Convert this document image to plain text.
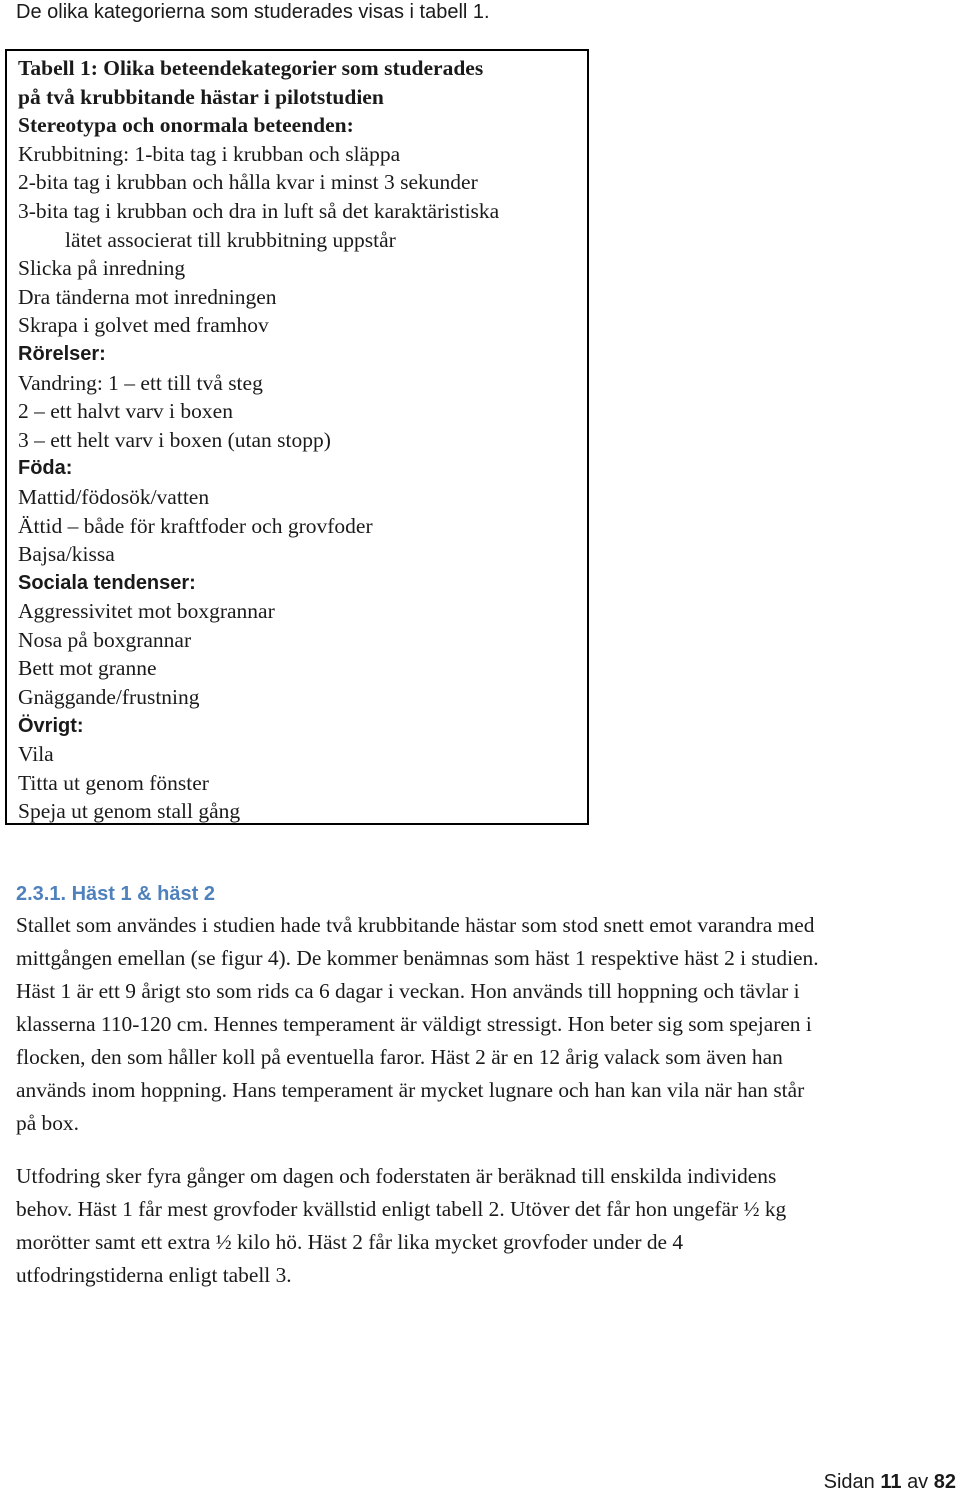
De olika kategorierna som studerades visas i tabell 1.
Tabell 1: Olika beteendekategorier som studerades
på två krubbitande hästar i pilotstudien
Stereotypa och onormala beteenden:
Krubbitning: 1-bita tag i krubban och släppa
2-bita tag i krubban och hålla kvar i minst 3 sekunder
3-bita tag i krubban och dra in luft så det karaktäristiska
lätet associerat till krubbitning uppstår
Slicka på inredning
Dra tänderna mot inredningen
Skrapa i golvet med framhov
Rörelser:
Vandring: 1 – ett till två steg
2 – ett halvt varv i boxen
3 – ett helt varv i boxen (utan stopp)
Föda:
Mattid/födosök/vatten
Ättid – både för kraftfoder och grovfoder
Bajsa/kissa
Sociala tendenser:
Aggressivitet mot boxgrannar
Nosa på boxgrannar
Bett mot granne
Gnäggande/frustning
Övrigt:
Vila
Titta ut genom fönster
Speja ut genom stall gång
2.3.1. Häst 1 & häst 2
Stallet som användes i studien hade två krubbitande hästar som stod snett emot varandra med
mittgången emellan (se figur 4). De kommer benämnas som häst 1 respektive häst 2 i studien.
Häst 1 är ett 9 årigt sto som rids ca 6 dagar i veckan. Hon används till hoppning och tävlar i
klasserna 110-120 cm. Hennes temperament är väldigt stressigt. Hon beter sig som spejaren i
flocken, den som håller koll på eventuella faror. Häst 2 är en 12 årig valack som även han
används inom hoppning. Hans temperament är mycket lugnare och han kan vila när han står
på box.
Utfodring sker fyra gånger om dagen och foderstaten är beräknad till enskilda individens
behov. Häst 1 får mest grovfoder kvällstid enligt tabell 2. Utöver det får hon ungefär ½ kg
morötter samt ett extra ½ kilo hö. Häst 2 får lika mycket grovfoder under de 4
utfodringstiderna enligt tabell 3.
Sidan 11 av 82
